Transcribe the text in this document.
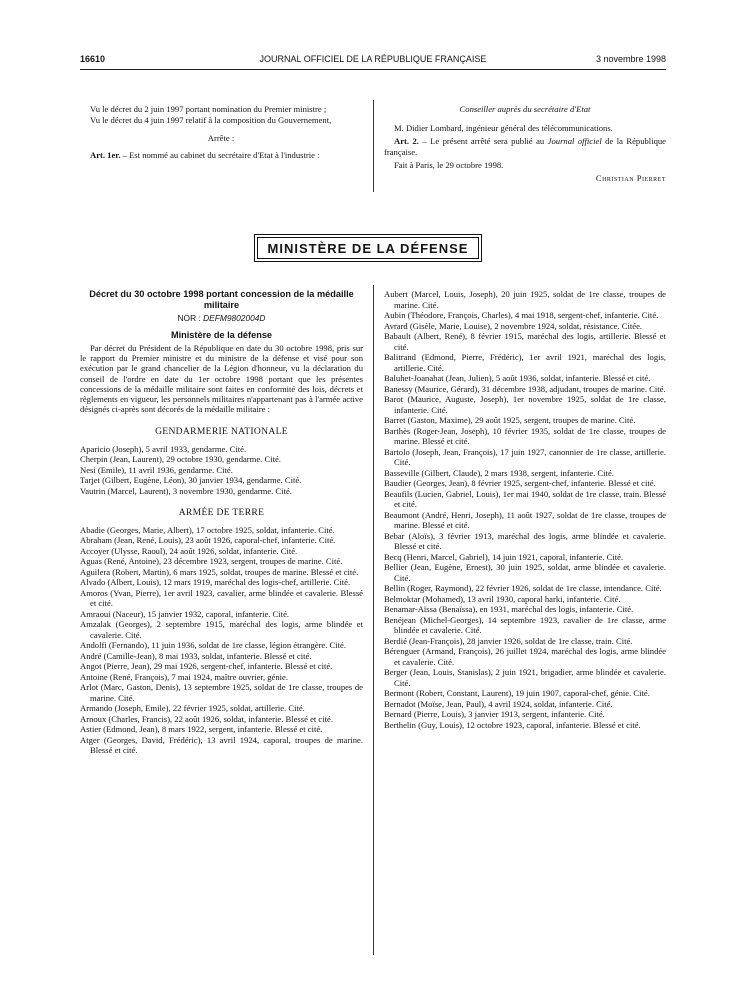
16610	JOURNAL OFFICIEL DE LA RÉPUBLIQUE FRANÇAISE	3 novembre 1998

Vu le décret du 2 juin 1997 portant nomination du Premier ministre ;

Vu le décret du 4 juin 1997 relatif à la composition du Gouvernement,

Arrête :

Art. 1er. – Est nommé au cabinet du secrétaire d'Etat à l'industrie :

Conseiller auprès du secrétaire d'Etat

M. Didier Lombard, ingénieur général des télécommunications.

Art. 2. – Le présent arrêté sera publié au Journal officiel de la République française.

Fait à Paris, le 29 octobre 1998.

Christian Pierret

MINISTÈRE DE LA DÉFENSE

Décret du 30 octobre 1998 portant concession de la médaille militaire

NOR : DEFM9802004D

Ministère de la défense

Par décret du Président de la République en date du 30 octobre 1998, pris sur le rapport du Premier ministre et du ministre de la défense et visé pour son exécution par le grand chancelier de la Légion d'honneur, vu la déclaration du conseil de l'ordre en date du 1er octobre 1998 portant que les présentes concessions de la médaille militaire sont faites en conformité des lois, décrets et règlements en vigueur, les personnels militaires n'appartenant pas à l'armée active désignés ci-après sont décorés de la médaille militaire :

GENDARMERIE NATIONALE

Aparicio (Joseph), 5 avril 1933, gendarme. Cité.

Cherpin (Jean, Laurent), 29 octobre 1930, gendarme. Cité.

Nesi (Emile), 11 avril 1936, gendarme. Cité.

Tarjet (Gilbert, Eugène, Léon), 30 janvier 1934, gendarme. Cité.

Vautrin (Marcel, Laurent), 3 novembre 1930, gendarme. Cité.

ARMÉE DE TERRE

Abadie (Georges, Marie, Albert), 17 octobre 1925, soldat, infanterie. Cité.

Abraham (Jean, René, Louis), 23 août 1926, caporal-chef, infanterie. Cité.

Accoyer (Ulysse, Raoul), 24 août 1926, soldat, infanterie. Cité.

Aguas (René, Antoine), 23 décembre 1923, sergent, troupes de marine. Cité.

Aguilera (Robert, Martin), 6 mars 1925, soldat, troupes de marine. Blessé et cité.

Alvado (Albert, Louis), 12 mars 1919, maréchal des logis-chef, artillerie. Cité.

Amoros (Yvan, Pierre), 1er avril 1923, cavalier, arme blindée et cavalerie. Blessé et cité.

Amraoui (Naceur), 15 janvier 1932, caporal, infanterie. Cité.

Amzalak (Georges), 2 septembre 1915, maréchal des logis, arme blindée et cavalerie. Cité.

Andolfi (Fernando), 11 juin 1936, soldat de 1re classe, légion étrangère. Cité.

André (Camille-Jean), 8 mai 1933, soldat, infanterie. Blessé et cité.

Angot (Pierre, Jean), 29 mai 1926, sergent-chef, infanterie. Blessé et cité.

Antoine (René, François), 7 mai 1924, maître ouvrier, génie.

Arlot (Marc, Gaston, Denis), 13 septembre 1925, soldat de 1re classe, troupes de marine. Cité.

Armando (Joseph, Emile), 22 février 1925, soldat, artillerie. Cité.

Arnoux (Charles, Francis), 22 août 1926, soldat, infanterie. Blessé et cité.

Astier (Edmond, Jean), 8 mars 1922, sergent, infanterie. Blessé et cité.

Atger (Georges, David, Frédéric), 13 avril 1924, caporal, troupes de marine. Blessé et cité.

Aubert (Marcel, Louis, Joseph), 20 juin 1925, soldat de 1re classe, troupes de marine. Cité.

Aubin (Théodore, François, Charles), 4 mai 1918, sergent-chef, infanterie. Cité.

Avrard (Gisèle, Marie, Louise), 2 novembre 1924, soldat, résistance. Citée.

Babault (Albert, René), 8 février 1915, maréchal des logis, artillerie. Blessé et cité.

Balitrand (Edmond, Pierre, Frédéric), 1er avril 1921, maréchal des logis, artillerie. Cité.

Baluhet-Joanahat (Jean, Julien), 5 août 1936, soldat, infanterie. Blessé et cité.

Banessy (Maurice, Gérard), 31 décembre 1938, adjudant, troupes de marine. Cité.

Barot (Maurice, Auguste, Joseph), 1er novembre 1925, soldat de 1re classe, infanterie. Cité.

Barret (Gaston, Maxime), 29 août 1925, sergent, troupes de marine. Cité.

Barthès (Roger-Jean, Joseph), 10 février 1935, soldat de 1re classe, troupes de marine. Blessé et cité.

Bartolo (Joseph, Jean, François), 17 juin 1927, canonnier de 1re classe, artillerie. Cité.

Basseville (Gilbert, Claude), 2 mars 1938, sergent, infanterie. Cité.

Baudier (Georges, Jean), 8 février 1925, sergent-chef, infanterie. Blessé et cité.

Beaufils (Lucien, Gabriel, Louis), 1er mai 1940, soldat de 1re classe, train. Blessé et cité.

Beaumont (André, Henri, Joseph), 11 août 1927, soldat de 1re classe, troupes de marine. Blessé et cité.

Bebar (Aloïs), 3 février 1913, maréchal des logis, arme blindée et cavalerie. Blessé et cité.

Becq (Henri, Marcel, Gabriel), 14 juin 1921, caporal, infanterie. Cité.

Bellier (Jean, Eugène, Ernest), 30 juin 1925, soldat, arme blindée et cavalerie. Cité.

Bellin (Roger, Raymond), 22 février 1926, soldat de 1re classe, intendance. Cité.

Belmoktar (Mohamed), 13 avril 1930, caporal harki, infanterie. Cité.

Benamar-Aïssa (Benaïssa), en 1931, maréchal des logis, infanterie. Cité.

Benéjean (Michel-Georges), 14 septembre 1923, cavalier de 1re classe, arme blindée et cavalerie. Cité.

Berdié (Jean-François), 28 janvier 1926, soldat de 1re classe, train. Cité.

Bérenguer (Armand, François), 26 juillet 1924, maréchal des logis, arme blindée et cavalerie. Cité.

Berger (Jean, Louis, Stanislas), 2 juin 1921, brigadier, arme blindée et cavalerie. Cité.

Bermont (Robert, Constant, Laurent), 19 juin 1907, caporal-chef, génie. Cité.

Bernadot (Moïse, Jean, Paul), 4 avril 1924, soldat, infanterie. Cité.

Bernard (Pierre, Louis), 3 janvier 1913, sergent, infanterie. Cité.

Berthelin (Guy, Louis), 12 octobre 1923, caporal, infanterie. Blessé et cité.
